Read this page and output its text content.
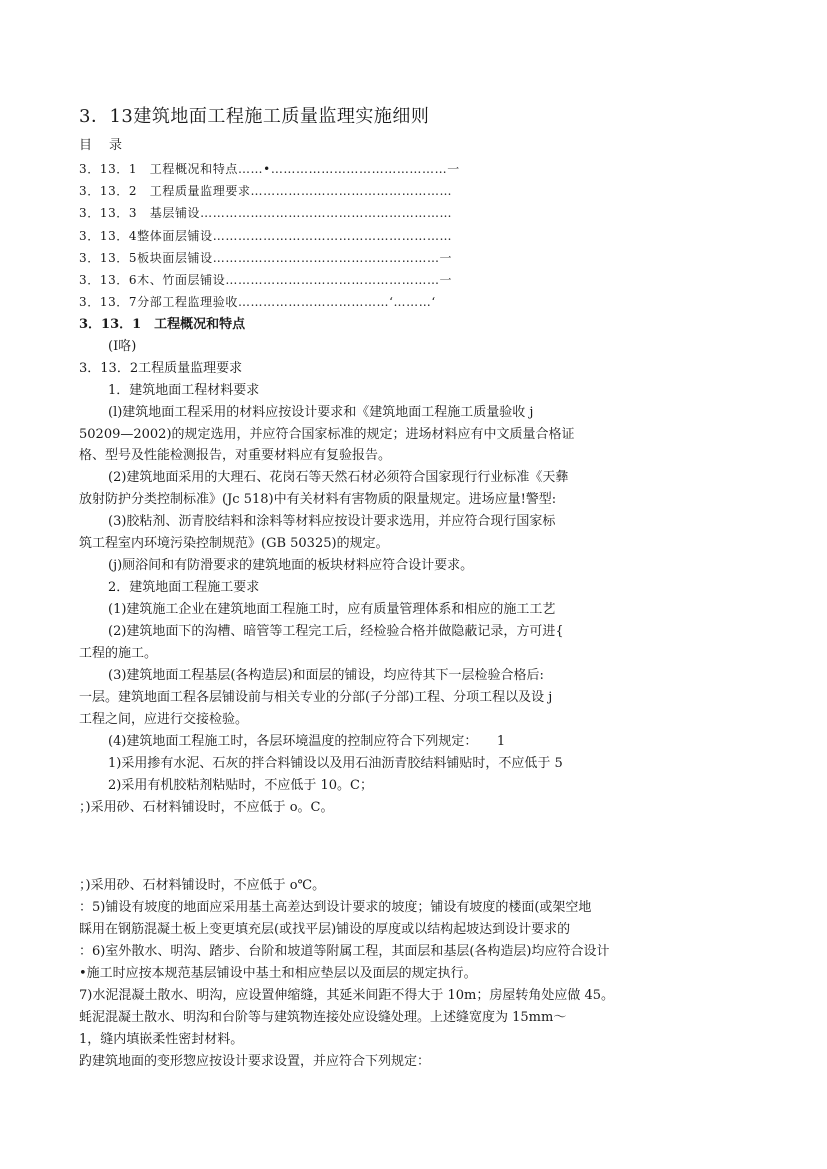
3．13建筑地面工程施工质量监理实施细则
目　录
3．13．1　工程概况和特点……•……………………………………一
3．13．2　工程质量监理要求…………………………………………
3．13．3　基层铺设……………………………………………………
3．13．4整体面层铺设…………………………………………………
3．13．5板块面层铺设………………………………………………一
3．13．6木、竹面层铺设……………………………………………一
3．13．7分部工程监理验收………………………………‘………‘
3．13．1　工程概况和特点
(I咯)
3．13．2工程质量监理要求
1．建筑地面工程材料要求
(l)建筑地面工程采用的材料应按设计要求和《建筑地面工程施工质量验收 j
50209—2002)的规定选用，并应符合国家标准的规定；进场材料应有中文质量合格证
格、型号及性能检测报告，对重要材料应有复验报告。
(2)建筑地面采用的大理石、花岗石等天然石材必须符合国家现行行业标准《天彝
放射防护分类控制标准》(Jc 518)中有关材料有害物质的限量规定。进场应量!警型:
(3)胶粘剂、沥青胶结料和涂料等材料应按设计要求选用，并应符合现行国家标
筑工程室内环境污染控制规范》(GB 50325)的规定。
(j)厕浴间和有防滑要求的建筑地面的板块材料应符合设计要求。
2．建筑地面工程施工要求
(1)建筑施工企业在建筑地面工程施工时，应有质量管理体系和相应的施工工艺
(2)建筑地面下的沟槽、暗管等工程完工后，经检验合格并做隐蔽记录，方可进{
工程的施工。
(3)建筑地面工程基层(各构造层)和面层的铺设，均应待其下一层检验合格后:
一层。建筑地面工程各层铺设前与相关专业的分部(子分部)工程、分项工程以及设 j
工程之间，应进行交接检验。
(4)建筑地面工程施工时，各层环境温度的控制应符合下列规定：　　1
1)采用掺有水泥、石灰的拌合料铺设以及用石油沥青胶结料铺贴时，不应低于 5
2)采用有机胶粘剂粘贴时，不应低于 10。C；
；)采用砂、石材料铺设时，不应低于 o。C。
；)采用砂、石材料铺设时，不应低于 o℃。
：5)铺设有坡度的地面应采用基土高差达到设计要求的坡度；铺设有坡度的楼面(或架空地
睬用在钢筋混凝土板上变更填充层(或找平层)铺设的厚度或以结构起坡达到设计要求的
：6)室外散水、明沟、踏步、台阶和坡道等附属工程，其面层和基层(各构造层)均应符合设计
•施工时应按本规范基层铺设中基土和相应垫层以及面层的规定执行。
7)水泥混凝土散水、明沟，应设置伸缩缝，其延米间距不得大于 10m；房屋转角处应做 45。
蚝泥混凝土散水、明沟和台阶等与建筑物连接处应设缝处理。上述缝宽度为 15mm～
1，缝内填嵌柔性密封材料。
趵建筑地面的变形惣应按设计要求设置，并应符合下列规定：
